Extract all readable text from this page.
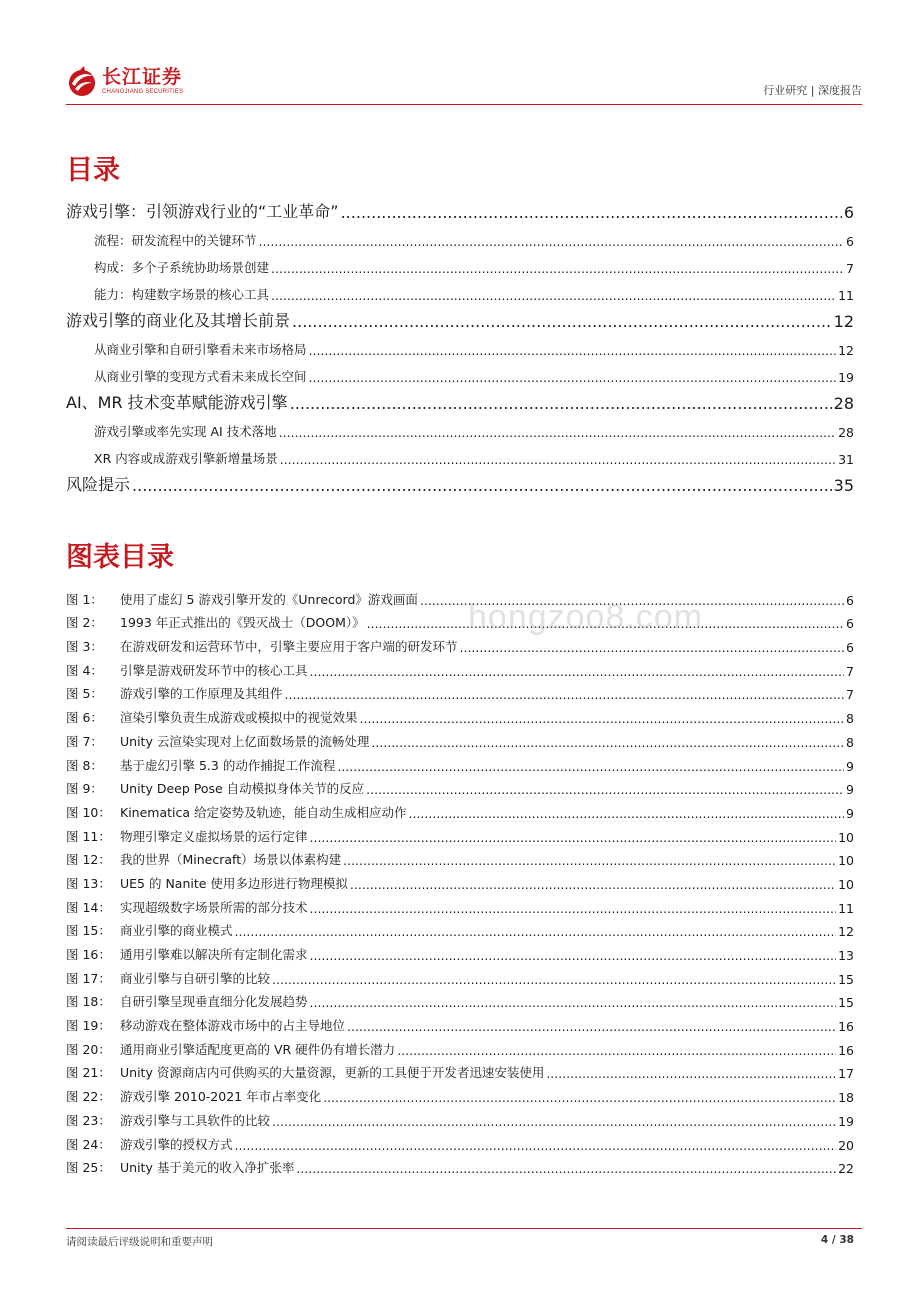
长江证券
CHANGJIANG SECURITIES	行业研究 | 深度报告
目录
游戏引擎：引领游戏行业的“工业革命” .....	6
流程：研发流程中的关键环节 .....	6
构成：多个子系统协助场景创建 .....	7
能力：构建数字场景的核心工具 .....	11
游戏引擎的商业化及其增长前景 .....	12
从商业引擎和自研引擎看未来市场格局 .....	12
从商业引擎的变现方式看未来成长空间 .....	19
AI、MR 技术变革赋能游戏引擎 .....	28
游戏引擎或率先实现 AI 技术落地 .....	28
XR 内容或成游戏引擎新增量场景 .....	31
风险提示 .....	35
图表目录
图 1：	使用了虚幻 5 游戏引擎开发的《Unrecord》游戏画面 .....	6
图 2：	1993 年正式推出的《毁灭战士（DOOM）》 .....	6
图 3：	在游戏研发和运营环节中，引擎主要应用于客户端的研发环节 .....	6
图 4：	引擎是游戏研发环节中的核心工具 .....	7
图 5：	游戏引擎的工作原理及其组件 .....	7
图 6：	渲染引擎负责生成游戏或模拟中的视觉效果 .....	8
图 7：	Unity 云渲染实现对上亿面数场景的流畅处理 .....	8
图 8：	基于虚幻引擎 5.3 的动作捕捉工作流程 .....	9
图 9：	Unity Deep Pose 自动模拟身体关节的反应 .....	9
图 10： Kinematica 给定姿势及轨迹，能自动生成相应动作 .....	9
图 11： 物理引擎定义虚拟场景的运行定律 .....	10
图 12： 我的世界（Minecraft）场景以体素构建 .....	10
图 13： UE5 的 Nanite 使用多边形进行物理模拟 .....	10
图 14： 实现超级数字场景所需的部分技术 .....	11
图 15： 商业引擎的商业模式 .....	12
图 16： 通用引擎难以解决所有定制化需求 .....	13
图 17： 商业引擎与自研引擎的比较 .....	15
图 18： 自研引擎呈现垂直细分化发展趋势 .....	15
图 19： 移动游戏在整体游戏市场中的占主导地位 .....	16
图 20： 通用商业引擎适配度更高的 VR 硬件仍有增长潜力 .....	16
图 21： Unity 资源商店内可供购买的大量资源，更新的工具便于开发者迅速安装使用 .....	17
图 22： 游戏引擎 2010-2021 年市占率变化 .....	18
图 23： 游戏引擎与工具软件的比较 .....	19
图 24： 游戏引擎的授权方式 .....	20
图 25： Unity 基于美元的收入净扩张率 .....	22
hongzoo8.com
请阅读最后评级说明和重要声明	4 / 38
